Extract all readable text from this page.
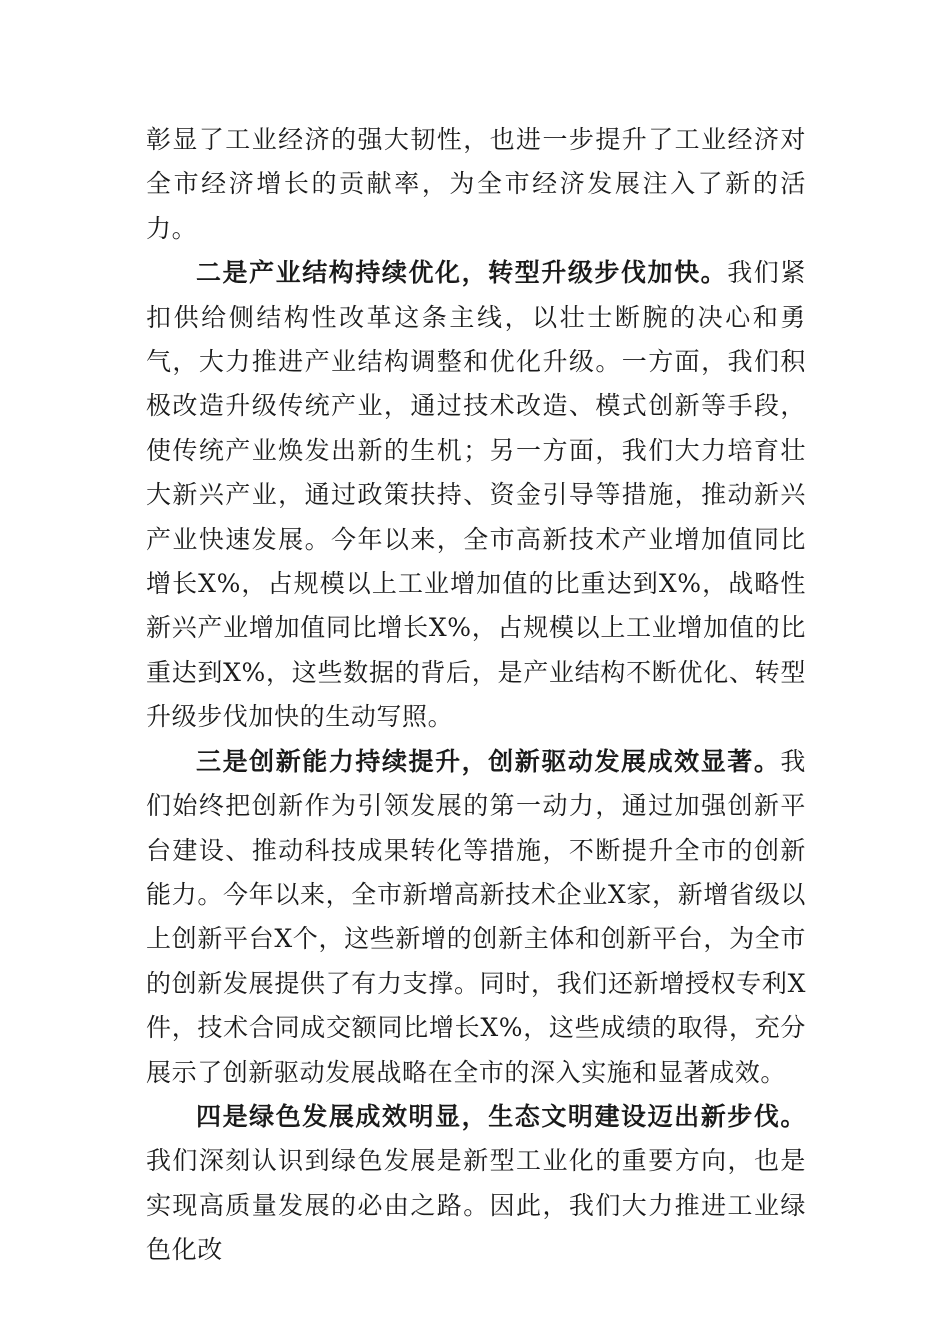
彰显了工业经济的强大韧性，也进一步提升了工业经济对全市经济增长的贡献率，为全市经济发展注入了新的活力。

二是产业结构持续优化，转型升级步伐加快。我们紧扣供给侧结构性改革这条主线，以壮士断腕的决心和勇气，大力推进产业结构调整和优化升级。一方面，我们积极改造升级传统产业，通过技术改造、模式创新等手段，使传统产业焕发出新的生机；另一方面，我们大力培育壮大新兴产业，通过政策扶持、资金引导等措施，推动新兴产业快速发展。今年以来，全市高新技术产业增加值同比增长X%，占规模以上工业增加值的比重达到X%，战略性新兴产业增加值同比增长X%，占规模以上工业增加值的比重达到X%，这些数据的背后，是产业结构不断优化、转型升级步伐加快的生动写照。

三是创新能力持续提升，创新驱动发展成效显著。我们始终把创新作为引领发展的第一动力，通过加强创新平台建设、推动科技成果转化等措施，不断提升全市的创新能力。今年以来，全市新增高新技术企业X家，新增省级以上创新平台X个，这些新增的创新主体和创新平台，为全市的创新发展提供了有力支撑。同时，我们还新增授权专利X件，技术合同成交额同比增长X%，这些成绩的取得，充分展示了创新驱动发展战略在全市的深入实施和显著成效。

四是绿色发展成效明显，生态文明建设迈出新步伐。我们深刻认识到绿色发展是新型工业化的重要方向，也是实现高质量发展的必由之路。因此，我们大力推进工业绿色化改
